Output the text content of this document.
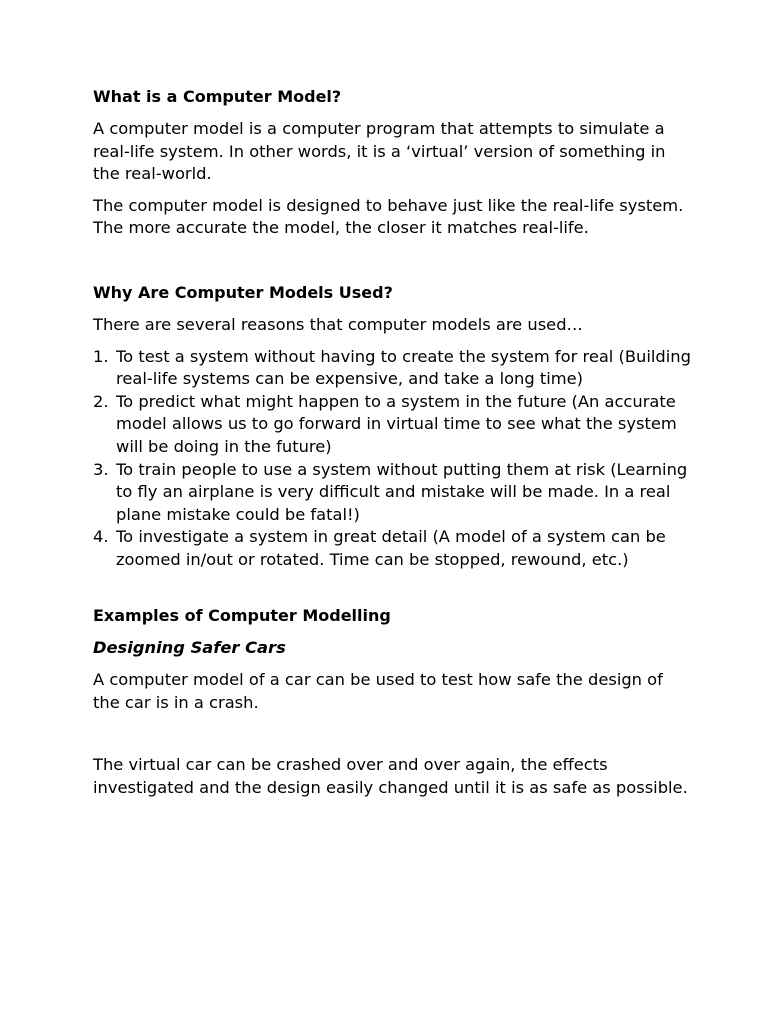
What is a Computer Model?

A computer model is a computer program that attempts to simulate a real-life system. In other words, it is a ‘virtual’ version of something in the real-world.

The computer model is designed to behave just like the real-life system. The more accurate the model, the closer it matches real-life.

Why Are Computer Models Used?

There are several reasons that computer models are used…

1. To test a system without having to create the system for real (Building real-life systems can be expensive, and take a long time)
2. To predict what might happen to a system in the future (An accurate model allows us to go forward in virtual time to see what the system will be doing in the future)
3. To train people to use a system without putting them at risk (Learning to fly an airplane is very difficult and mistake will be made. In a real plane mistake could be fatal!)
4. To investigate a system in great detail (A model of a system can be zoomed in/out or rotated. Time can be stopped, rewound, etc.)
Examples of Computer Modelling
Designing Safer Cars

A computer model of a car can be used to test how safe the design of the car is in a crash.

The virtual car can be crashed over and over again, the effects investigated and the design easily changed until it is as safe as possible.
